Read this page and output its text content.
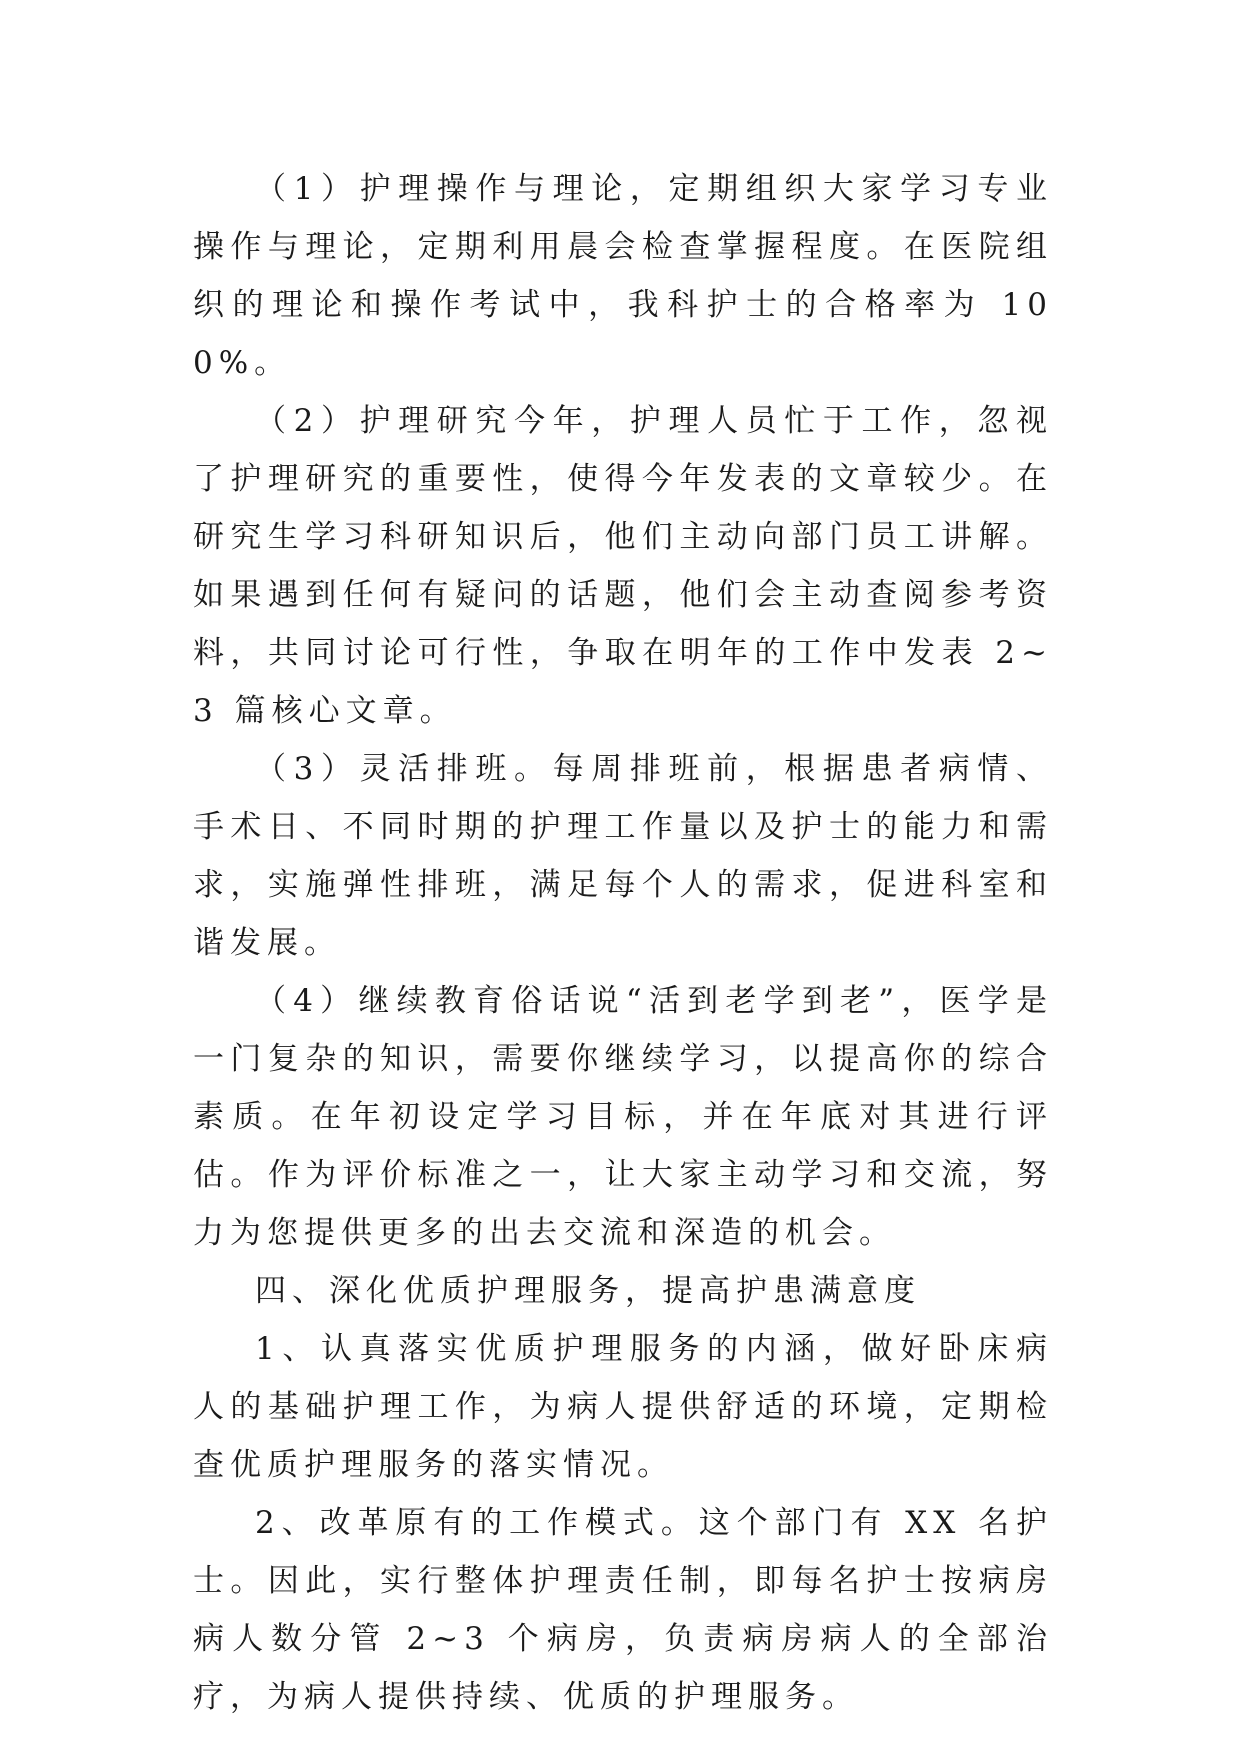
（1）护理操作与理论，定期组织大家学习专业操作与理论，定期利用晨会检查掌握程度。在医院组织的理论和操作考试中，我科护士的合格率为 100%。

（2）护理研究今年，护理人员忙于工作，忽视了护理研究的重要性，使得今年发表的文章较少。在研究生学习科研知识后，他们主动向部门员工讲解。如果遇到任何有疑问的话题，他们会主动查阅参考资料，共同讨论可行性，争取在明年的工作中发表 2~3 篇核心文章。

（3）灵活排班。每周排班前，根据患者病情、手术日、不同时期的护理工作量以及护士的能力和需求，实施弹性排班，满足每个人的需求，促进科室和谐发展。

（4）继续教育俗话说“活到老学到老”，医学是一门复杂的知识，需要你继续学习，以提高你的综合素质。在年初设定学习目标，并在年底对其进行评估。作为评价标准之一，让大家主动学习和交流，努力为您提供更多的出去交流和深造的机会。

四、深化优质护理服务，提高护患满意度

1、认真落实优质护理服务的内涵，做好卧床病人的基础护理工作，为病人提供舒适的环境，定期检查优质护理服务的落实情况。

2、改革原有的工作模式。这个部门有 XX 名护士。因此，实行整体护理责任制，即每名护士按病房病人数分管 2~3 个病房，负责病房病人的全部治疗，为病人提供持续、优质的护理服务。
